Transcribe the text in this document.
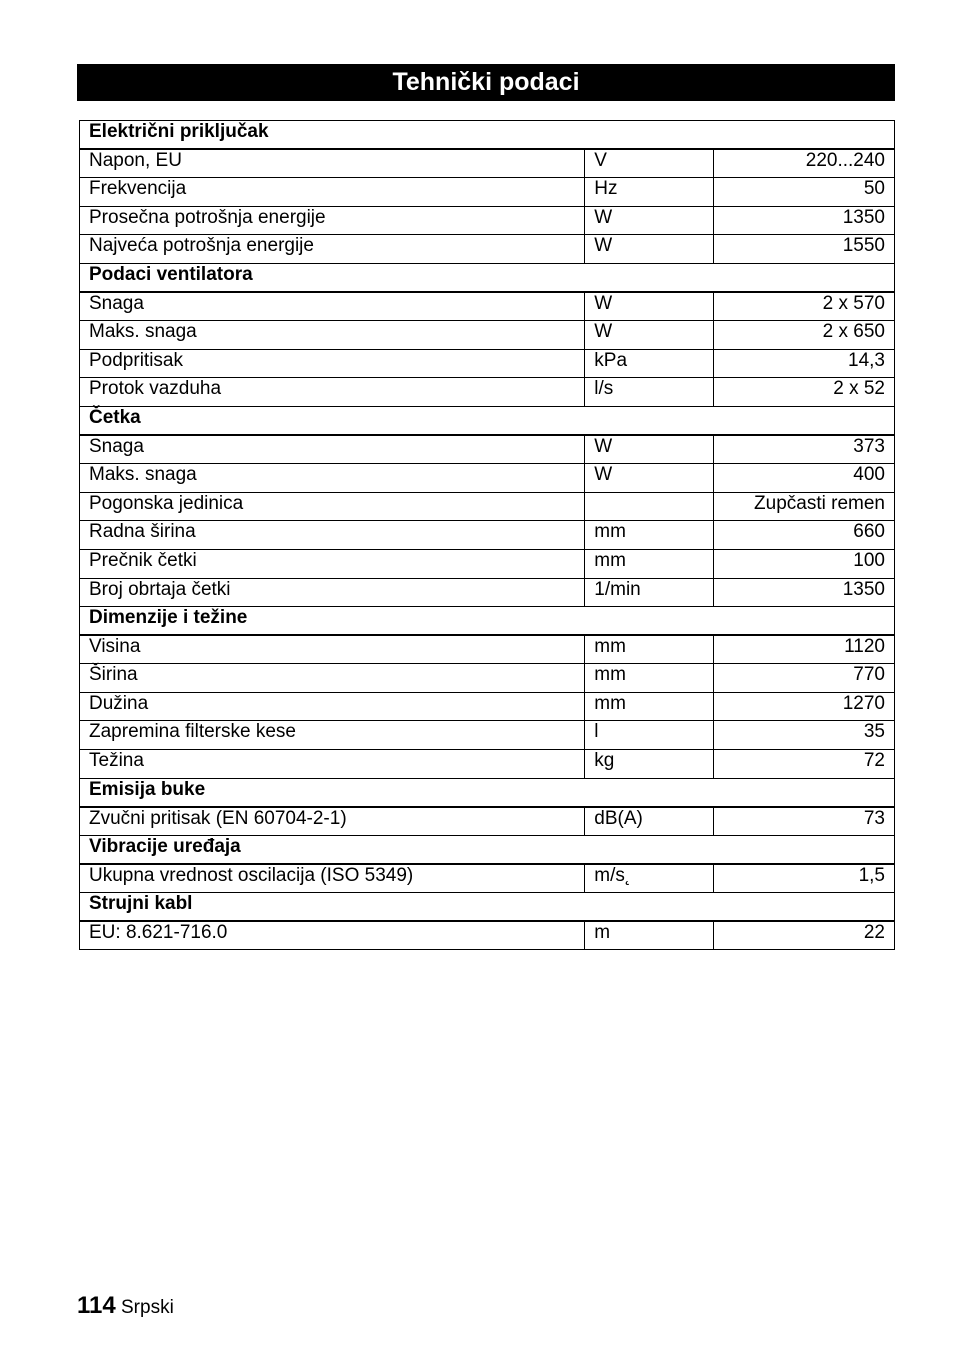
Tehnički podaci
Električni priključak		
Napon, EU	V	220...240
Frekvencija	Hz	50
Prosečna potrošnja energije	W	1350
Najveća potrošnja energije	W	1550
Podaci ventilatora		
Snaga	W	2 x 570
Maks. snaga	W	2 x 650
Podpritisak	kPa	14,3
Protok vazduha	l/s	2 x 52
Četka		
Snaga	W	373
Maks. snaga	W	400
Pogonska jedinica		Zupčasti remen
Radna širina	mm	660
Prečnik četki	mm	100
Broj obrtaja četki	1/min	1350
Dimenzije i težine		
Visina	mm	1120
Širina	mm	770
Dužina	mm	1270
Zapremina filterske kese	l	35
Težina	kg	72
Emisija buke		
Zvučni pritisak (EN 60704-2-1)	dB(A)	73
Vibracije uređaja		
Ukupna vrednost oscilacija (ISO 5349)	m/s˛	1,5
Strujni kabl		
EU: 8.621-716.0	m	22
114 Srpski
